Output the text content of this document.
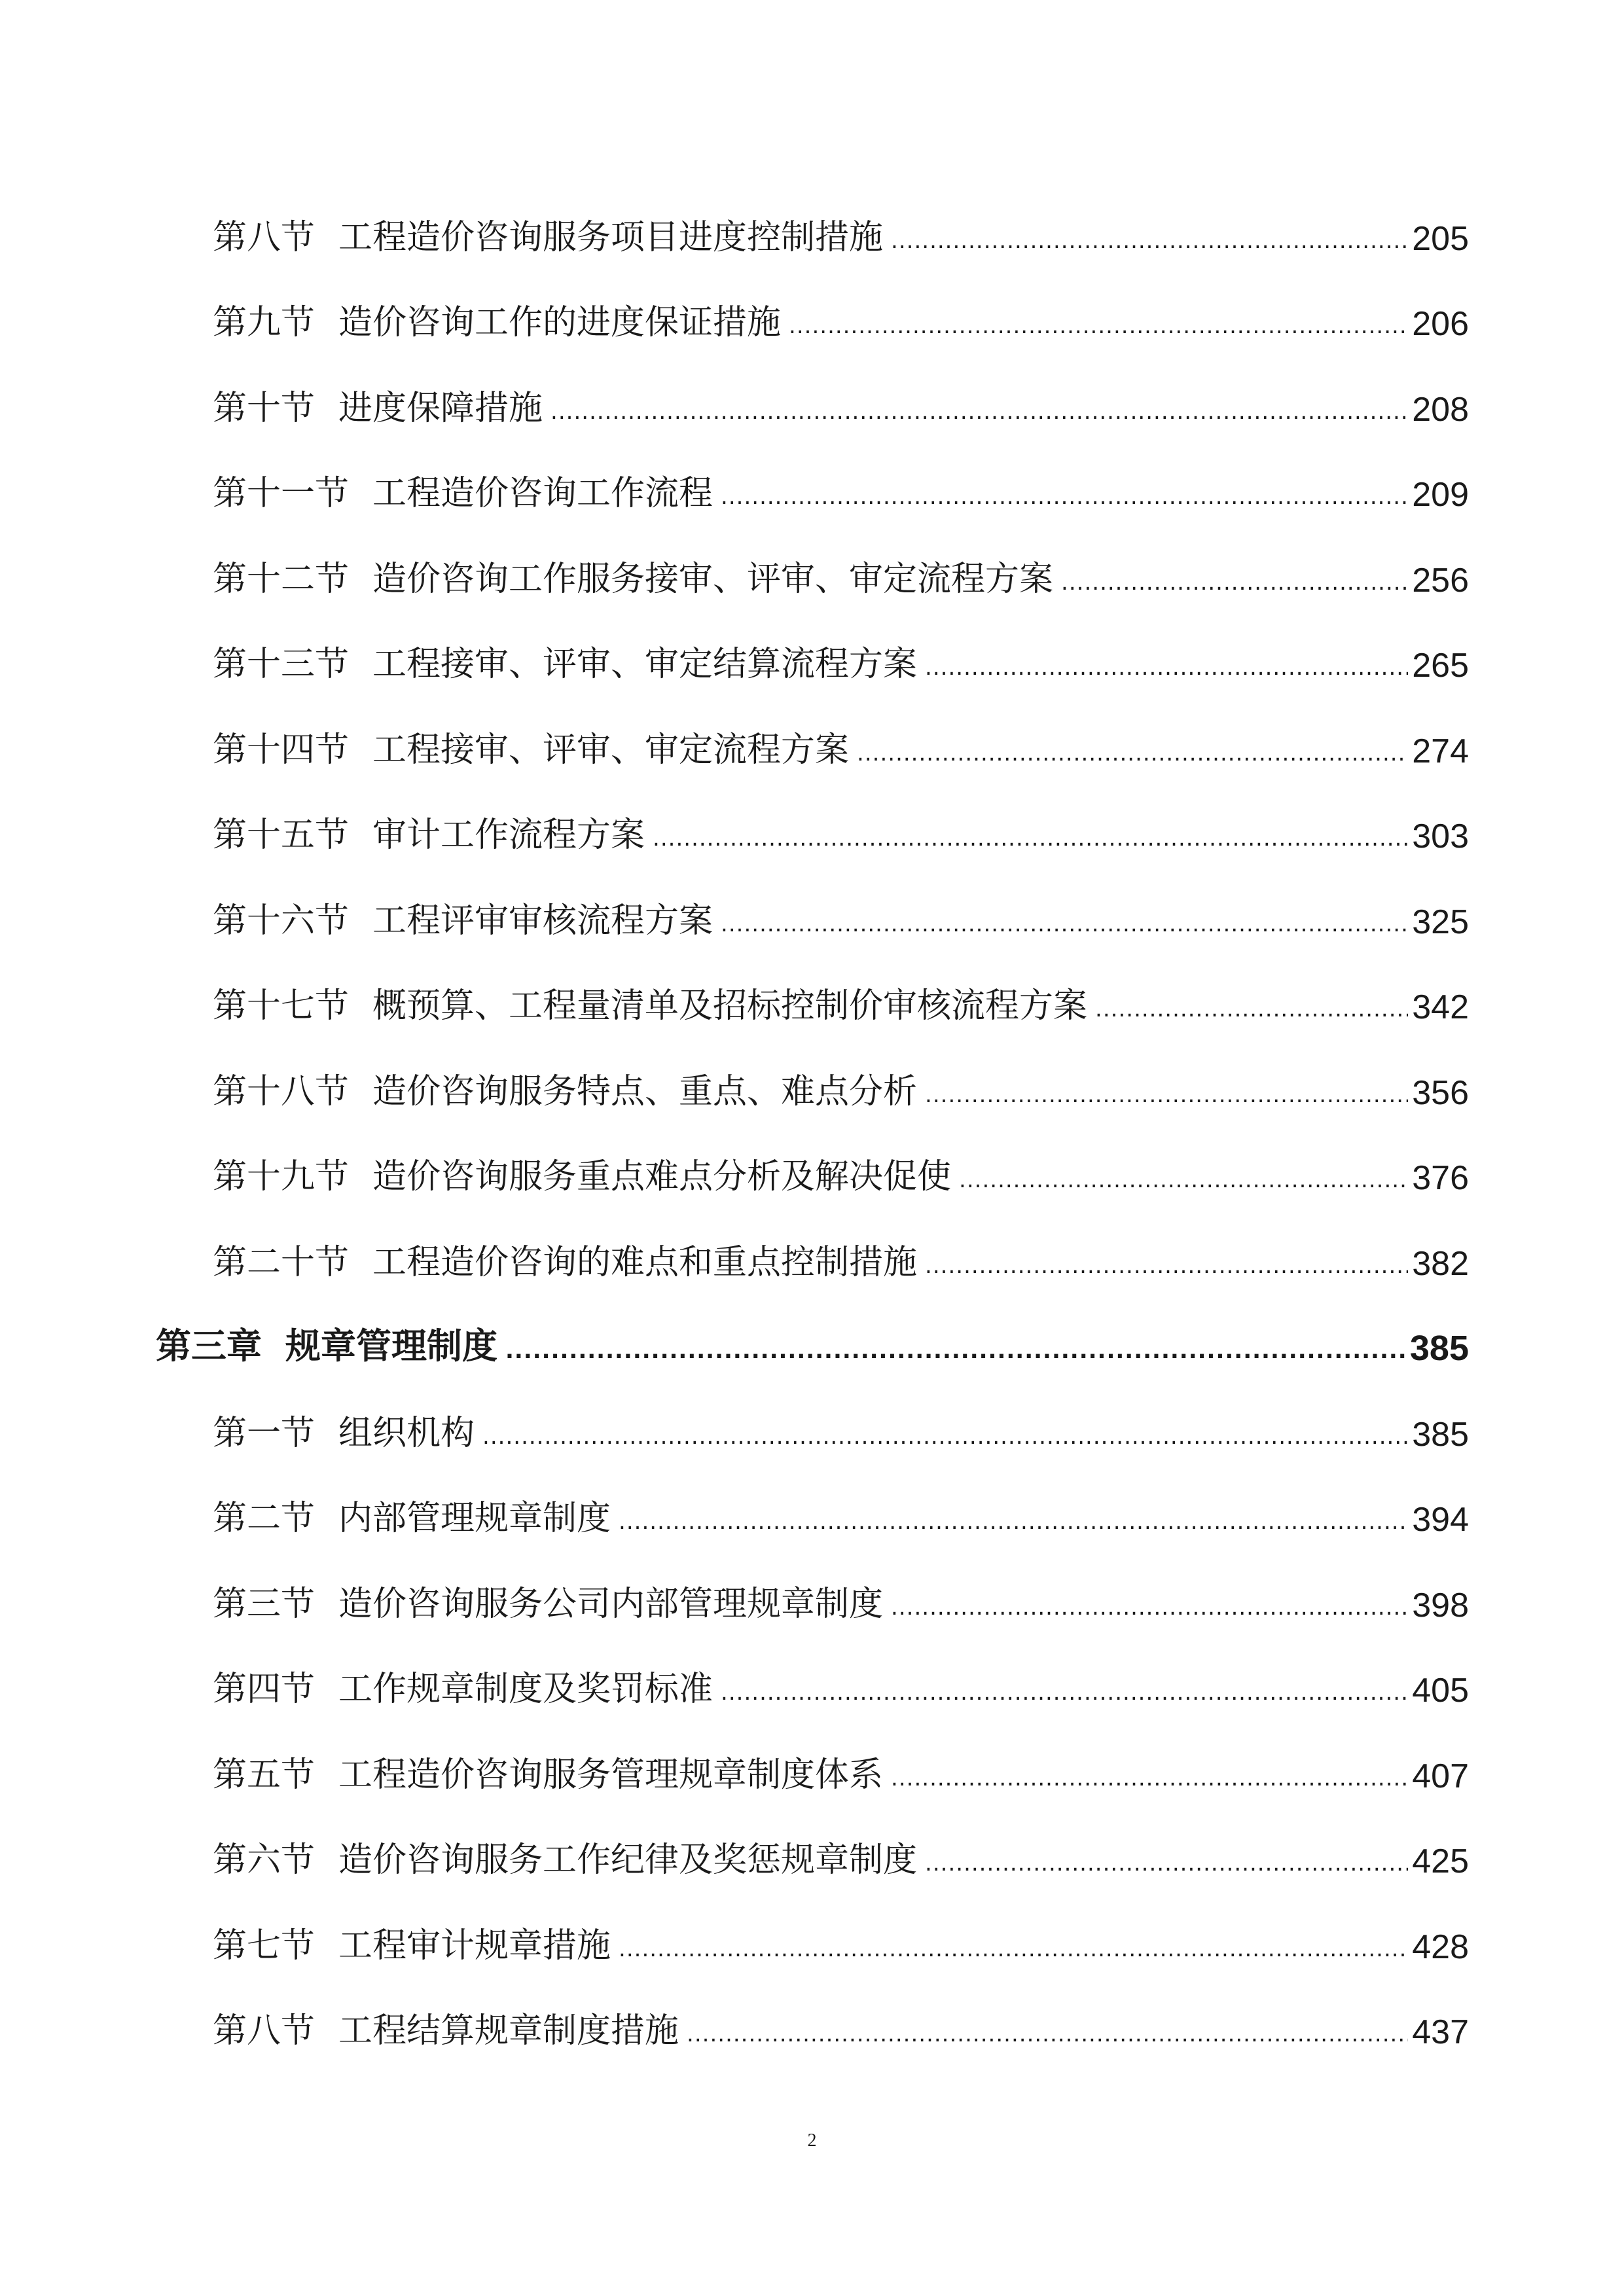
第八节 工程造价咨询服务项目进度控制措施 .....	205
第九节 造价咨询工作的进度保证措施 .....	206
第十节 进度保障措施 .....	208
第十一节 工程造价咨询工作流程 .....	209
第十二节 造价咨询工作服务接审、评审、审定流程方案 .....	256
第十三节 工程接审、评审、审定结算流程方案 .....	265
第十四节 工程接审、评审、审定流程方案 .....	274
第十五节 审计工作流程方案 .....	303
第十六节 工程评审审核流程方案 .....	325
第十七节 概预算、工程量清单及招标控制价审核流程方案 .....	342
第十八节 造价咨询服务特点、重点、难点分析 .....	356
第十九节 造价咨询服务重点难点分析及解决促使 .....	376
第二十节 工程造价咨询的难点和重点控制措施 .....	382
第三章 规章管理制度 .....	385
第一节 组织机构 .....	385
第二节 内部管理规章制度 .....	394
第三节 造价咨询服务公司内部管理规章制度 .....	398
第四节 工作规章制度及奖罚标准 .....	405
第五节 工程造价咨询服务管理规章制度体系 .....	407
第六节 造价咨询服务工作纪律及奖惩规章制度 .....	425
第七节 工程审计规章措施 .....	428
第八节 工程结算规章制度措施 .....	437
2
